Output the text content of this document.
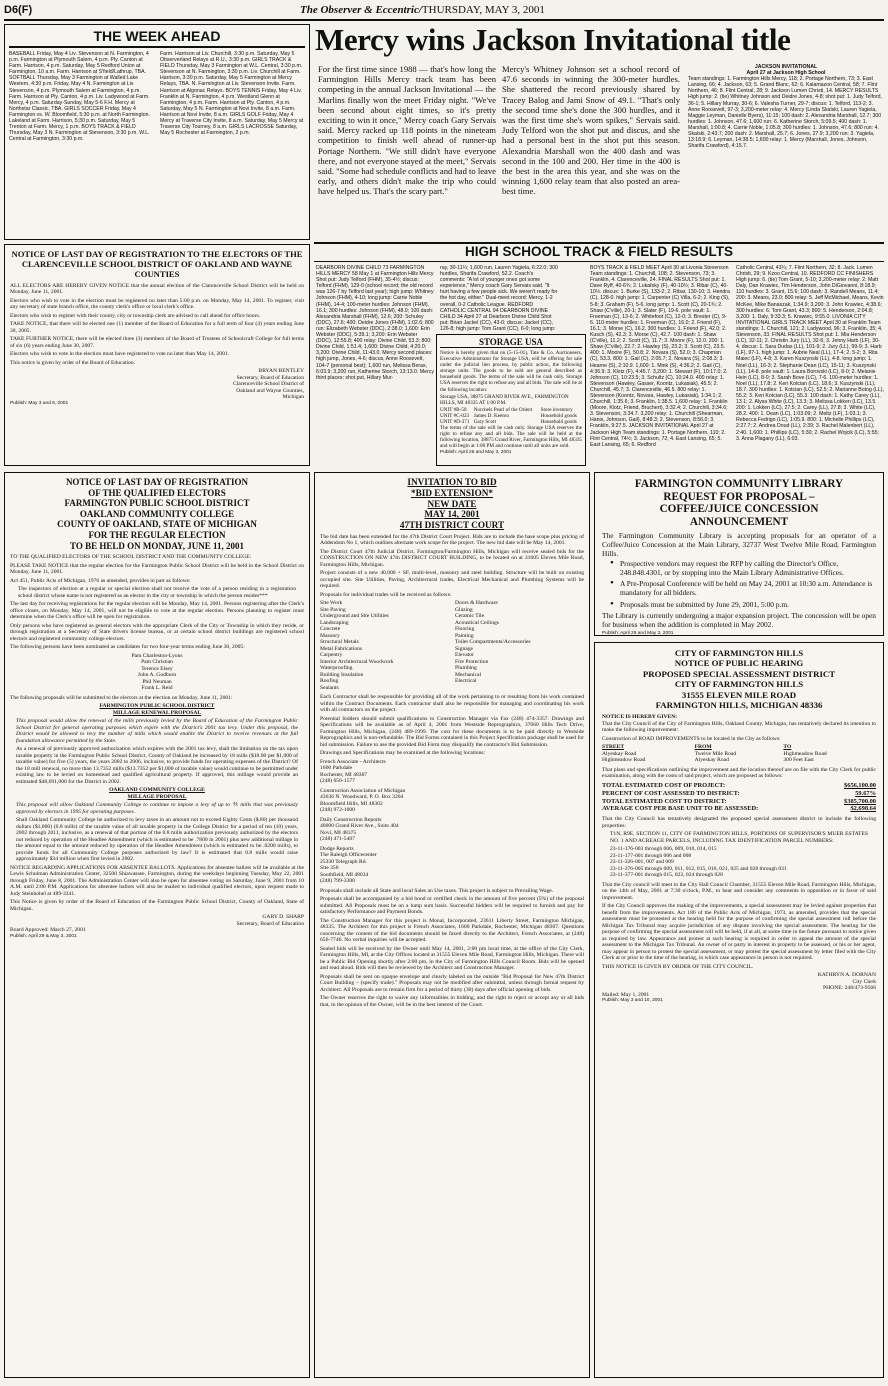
D6(F)	The Observer & Eccentric/THURSDAY, MAY 3, 2001
THE WEEK AHEAD
BASEBALL Friday, May 4 Liv. Stevenson at N. Farmington, 4 p.m. Farmington at Plymouth Salem, 4 p.m. Ply. Canton at Farm. Harrison, 4 p.m. Saturday, May 5 Redford Union at Farmington, 10 a.m. Farm. Harrison at S'field/Lathrup, TBA. SOFTBALL Thursday, May 3 Farmington at Walled Lake Western, 4:30 p.m. Friday, May 4 N. Farmington at Liv. Stevenson, 4 p.m. Plymouth Salem at Farmington, 4 p.m. Farm. Harrison at Ply. Canton, 4 p.m. Liv. Ladywood at Farm. Mercy, 4 p.m. Saturday-Sunday, May 5-6 F.H. Mercy at Northstar Classic, TBA. GIRLS SOCCER Friday, May 4 Farmington vs. W. Bloomfield, 5:30 p.m. at North Farmington. Lakeland at Farm. Harrison, 5:30 p.m. Saturday, May 5 Trenton at Farm. Mercy, 1 p.m. BOYS TRACK & FIELD Thursday, May 3 N. Farmington at Stevenson, 3:30 p.m. W.L. Central at Farmington, 3:30 p.m.
Farm. Harrison at Liv. Churchill, 3:30 p.m. Saturday, May 5 Observerland Relays at R.U., 3:30 p.m. GIRLS TRACK & FIELD Thursday, May 3 Farmington at W.L. Central, 3:30 p.m. Stevenson at N. Farmington, 3:30 p.m. Liv. Churchill at Farm. Harrison, 3:30 p.m. Saturday, May 5 Farmington at Mercy Relays, TBA. N. Farmington at Liv. Stevenson Invite. Farm. Harrison at Algonac Relays. BOYS TENNIS Friday, May 4 Liv. Franklin at N. Farmington, 4 p.m. Westland Glenn at Farmington, 4 p.m. Farm. Harrison at Ply. Canton, 4 p.m. Saturday, May 5 N. Farmington at Novi Invite, 8 a.m. Farm. Harrison at Novi Invite, 8 a.m. GIRLS GOLF Friday, May 4 Mercy at Traverse City Invite, 8 a.m. Saturday, May 5 Mercy at Traverse City Tourney, 8 a.m. GIRLS LACROSSE Saturday, May 5 Rochester at Farmington, 2 p.m.
Mercy wins Jackson Invitational title
For the first time since 1988 — that's how long the Farmington Hills Mercy track team has been competing in the annual Jackson Invitational — the Marlins finally won the meet Friday night. "We've been second about eight times, so it's pretty exciting to win it once," Mercy coach Gary Servais said. Mercy racked up 118 points in the nineteam competition to finish well ahead of runner-up Portage Northern. "We still didn't have everyone there, and not everyone stayed at the meet," Servais said. "Some had schedule conflicts and had to leave early, and others didn't make the trip who could have helped us. That's the scary part."
Mercy's Whitney Johnson set a school record of 47.6 seconds in winning the 300-meter hurdles. She shattered the record previously shared by Tracey Balog and Jami Snow of 49.1. "That's only the second time she's done the 300 hurdles, and it was the first time she's worn spikes," Servais said. Judy Telford won the shot put and discus, and she had a personal best in the shot put this season. Alexandria Marshall won the 400 dash and was second in the 100 and 200. Her time in the 400 is the best in the area this year, and she was on the winning 1,600 relay team that also posted an area-best time.
JACKSON INVITATIONAL
April 27 at Jackson High School
Team standings: 1. Farmington Hills Mercy, 118; 2. Portage Northern, 73; 3. East Lansing, 66; 4. Jackson, 63; 5. Grand Blanc, 62; 6. Kalamazoo Central, 58; 7. Flint Northern, 46; 8. Flint Central, 28; 9. Jackson Lumen Christi, 14. MERCY RESULTS High jump: 2. (tie) Whitney Johnson and Deidre Jones, 4-8; shot put: 1. Judy Telford, 36-1; 5. Hillary Murray, 30-6; 6. Valesha Turner, 29-7; discus: 1. Telford, 113-2; 3. Anne Roosevelt, 97-3; 3,200-meter relay: 4. Mercy (Linda Skalski, Lauren Yagiela, Maggie Leyman, Danielle Byers), 11:15; 100 dash: 2. Alexandria Marshall, 12.7; 300 hurdles: 1. Johnson, 47.6; 1,600 run: 6. Katherine Storch, 5:09.5; 400 dash: 1. Marshall, 1:00.8; 4. Carrie Noble, 1:05.8; 300 hurdles: 1. Johnson, 47.6; 800 run: 4. Skalski, 2:43.7; 200 dash: 2. Marshall, 25.7; 6. Jones, 27.9; 3,200 run: 3. Yagiela, 13:18.9; 6. Leyman, 14:38.5; 1,600 relay: 1. Mercy (Marshall, Jones, Johnson, Sharifa Crawford), 4:15.7.
HIGH SCHOOL TRACK & FIELD RESULTS
DEARBORN DIVINE CHILD 73 FARMINGTON HILLS MERCY 58 May 1 at Farmington Hills Mercy Shot put: Judy Telford (FHM), 35-4½; discus: Telford (FHM), 129-0 (school record; the old record was 126-7 by Telford last year); high jump: Whitney Johnson (FHM), 4-10; long jump: Carrie Noble (FHM), 14-4; 100-meter hurdles: Johnson (FHM), 16.1; 300 hurdles: Johnson (FHM), 48.0; 100 dash: Alexandria Marshall (FHM), 12.6; 200: Schuley (DDC), 27.6; 400: Deidre Jones (FHM), 1:02.6; 800 run: Elizabeth Webster (DDC), 2:38.0; 1,600: Erin Webster (DDC), 5:39.1; 3,200: Erin Webster (DDC), 12:55.8; 400 relay: Divine Child, 53.3; 800: Divine Child, 1:51.4; 1,600: Divine Child, 4:20.0; 3,200: Divine Child, 11:43.0. Mercy second places: high jump, Jones, 4-6; discus, Anne Roosevelt, 104-7 (personal best); 1,600 run, Melissa Beras, 6:03.9; 3,200 run, Katherine Storch, 13:13.0. Mercy third places: shot put, Hillary Mur-
ray, 30-11¼; 1,600 run, Lauren Yagiela, 6:22.0; 300 hurdles, Sharifa Crawford, 52.2. Coach's comments: "A lot of younger ones got some experience," Mercy coach Gary Servais said. "It hurt having a few people sick. We weren't ready for the hot day, either." Dual-meet record: Mercy, 1-2 overall, 0-2 Catholic League. REDFORD CATHOLIC CENTRAL 94 DEARBORN DIVINE CHILD 34 April 27 at Dearborn Divine Child Shot put: Brian Jackel (CC), 43-0; discus: Jackel (CC), 126-8; high jump: Tom Grant (CC), 6-0; long jump:
BOYS TRACK & FIELD MEET April 30 at Livonia Stevenson Team standings: 1. Churchill, 108; 2. Stevenson, 73; 3. Franklin, 4. Clarenceville, 24. FINAL RESULTS Shot put: 1. Dave Ryff, 40-6¾; 2. Lukafsky (F), 40-10½; 3. Ribar (C), 40-10½. discus: 1. Burke (S), 133-2; 2. Ribar, 130-10; 3. Hendra (C), 128-0. high jump: 1. Carpenter (C) Villa, 6-2; 2. King (S), 5-8; 3. Graham (F), 5-6. long jump: 1. Scott (C), 20-1¾; 2. Shaw (C'ville), 20-1; 3. Slater (F), 19-6. pole vault: 1. Freeman (C), 13-6; 2. Whitefoot (C), 12-0; 3. Brester (C), 9-6. 110-meter hurdles: 1. Freeman (C), 16.0; 2. Friend (F), 16.1; 3. Morse (C), 16.2. 300 hurdles: 1. Friend (F), 42.0; 2. Kusch (S), 42.3; 3. Morse (C), 42.7. 100 dash: 1. Shaw (C'ville), 11.2; 2. Scott (C), 11.7; 3. Moore (F), 12.0. 200: 1. Shaw (C'ville), 22.7; 2. Hawley (S), 23.2; 3. Scott (C), 23.5. 400: 1. Moore (F), 50.8; 2. Novara (S), 52.0; 3. Chapman (C), 53.3. 800: 1. Gail (C), 2:05.7; 2. Novara (S), 2:08.3; 3. Hearne (S), 2:10.9. 1,600: 1. Mink (S), 4:36.2; 2. Gail (C), 4:36.9; 3. Klotz (F), 4:45.7. 3,200: 1. Stewart (F), 10:17.0; 2. Johnson (C), 10:23.5; 3. Schultz (C), 10:24.0. 400 relay: 1. Stevenson (Hawley, Gasser, Koontz, Lukasiak), 45.5; 2. Churchill, 45.7; 3. Clarenceville, 46.5. 800 relay: 1. Stevenson (Koontz, Novara, Hawley, Lukasiak), 1:34.1; 2. Churchill, 1:35.6; 3. Franklin, 1:38.5. 1,600 relay: 1. Franklin (Moore, Klotz, Friend, Bruchert), 3:32.4; 2. Churchill, 3:34.6; 3. Stevenson, 3:34.7. 3,200 relay: 1. Churchill (Shearman, Hanis, Johnson, Gail), 8:48.3; 2. Stevenson, 8:56.0; 3. Franklin, 9:27.5. JACKSON INVITATIONAL April 27 at Jackson High Team standings: 1. Portage Northern, 110; 2. Flint Central, 74½; 3. Jackson, 72; 4. East Lansing, 65; 5. East Lansing, 65; 6. Redford
Catholic Central, 43¼; 7. Flint Northern, 32; 8. Jack. Lumen Christi, 29; 9. Kzoo Central, 10. REDFORD CC FINISHERS High jump: 6. (tie) Tom Grant, 5-10; 3,200-meter relay: 2. Matt Daly, Dan Krawiec, Tim Henderson, John DiGiovanni, 8:18.9; 110 hurdles: 3. Grant, 15.6; 100 dash: 3. Randell Means, 11.4; 200: 3. Means, 23.0; 800 relay: 5. Jeff McMichael, Means, Kevin McKee, Mike Banaszak, 1:34.9; 3,200: 3. John Krawiec, 4:38.6; 300 hurdles: 6. Tom Grant, 43.3; 800: 5. Henderson, 2:04.8; 3,200: 1. Daly, 9:33.3; 5. Krawiec, 9:55.0. LIVONIA CITY INVITATIONAL GIRLS TRACK MEET April 30 at Franklin Team standings: 1. Churchill, 121; 2. Ladywood, 96; 3. Franklin, 35; 4. Stevenson, 33. FINAL RESULTS Shot put: 1. Mia Henderson (LC), 32-11; 2. Christin Jury (LL), 32-6; 3. Jenny Harb (LF), 30-4. discus: 1. Sara Dudas (LL), 101-9; 2. Jury (LL), 99-9; 3. Harb (LF), 97-1. high jump: 1. Aubrie Neal (LL), 17-4; 2. 5-2; 3. Rita Maiec (LF), 4-8; 3. Karen Kuszynski (LL), 4-8. long jump: 1. Noel (LL), 16-3; 2. Stephanie Dean (LC), 15-11; 3. Kuszynski (LL), 14-8. pole vault: 1. Laura Borovski (LC), 8-0; 2. Melanie Hein (LC), 8-0; 3. Sarah Bove (LC), 7-6. 100-meter hurdles: 1. Noel (LL), 17.8; 2. Keri Kotcian (LC), 18.6; 3. Kuszynski (LL), 18.7. 300 hurdles: 1. Kotcian (LC), 52.5; 2. Marianne Botog (LL), 55.2; 3. Keri Kotcian (LC), 55.3. 100 dash: 1. Kathy Carey (LL), 13.1; 2. Alysa White (LC), 13.3; 3. Melissa Lokken (LC), 13.5. 200: 1. Lokken (LC), 27.5; 2. Carey (LL), 27.8; 3. White (LC), 28.2. 400: 1. Dean (LC), 1:03.09; 2. Meltz (LF), 1:03.1; 3. Rebecca Fedrigo (LC), 1:05.9. 800: 1. Michelle Phillips (LC), 2:27.7; 2. Andrea Doud (LL), 2:39; 3. Rachel Malenbert (LL), 2:40. 1,600: 1. Phillips (LC), 5:30; 2. Rachel Wojcik (LC), 5:55; 3. Anna Plagany (LL), 6:03.
STORAGE USA
Notice is hereby given that on (5-15-01), Tate & Co. Auctioneers, Executive Administrator for Storage USA, will be offering for sale under the judicial lien process, by public action, the following storage units. The goods to be sold are general described as household goods. The terms of the sale will be cash only. Storage USA reserves the right to refuse any and all bids. The sale will be at the following location:
Storage USA, 38875 GRAND RIVER AVE., FARMINGTON HILLS, MI 48335 AT 1:00 P.M.
UNIT #B-58	Norchels Pearl of the Orient	Store inventory
UNIT #C-023	James D. Keeton	Household goods
UNIT #D-371	Gary Scott	Household goods
The terms of the sale will be cash only. Storage USA reserves the right to refuse any and all bids. The sale will be held at the following location, 38875 Grand River, Farmington Hills, MI 48335 and will begin at 1:00 PM and continue until all units are sold.
Publish: April 26 and May 3, 2001
NOTICE OF LAST DAY OF REGISTRATION TO THE ELECTORS OF THE CLARENCEVILLE SCHOOL DISTRICT OF OAKLAND AND WAYNE COUNTIES

ALL ELECTORS ARE HEREBY GIVEN NOTICE that the annual election of the Clarenceville School District will be held on Monday, June 11, 2001.

Electors who wish to vote in the election must be registered no later than 5:00 p.m. on Monday, May 14, 2001. To register, visit any secretary of state branch office, the county clerk's office or local clerk's office.

Electors who wish to register with their county, city or township clerk are advised to call ahead for office hours.

TAKE NOTICE, that there will be elected one (1) member of the Board of Education for a full term of four (4) years ending June 30, 2005.

TAKE FURTHER NOTICE, there will be elected three (3) members of the Board of Trustees of Schoolcraft College for full terms of six (6) years ending June 30, 2007.

Electors who wish to vote in the election must have registered to vote no later than May 14, 2001.

This notice is given by order of the Board of Education.

BRYAN BENTLEY
Secretary, Board of Education
Clarenceville School District of
Oakland and Wayne Counties,
Michigan
Publish: May 3 and 6, 2001
NOTICE OF LAST DAY OF REGISTRATION
OF THE QUALIFIED ELECTORS
FARMINGTON PUBLIC SCHOOL DISTRICT
OAKLAND COMMUNITY COLLEGE
COUNTY OF OAKLAND, STATE OF MICHIGAN
FOR THE REGULAR ELECTION
TO BE HELD ON MONDAY, JUNE 11, 2001

TO THE QUALIFIED ELECTORS OF THE SCHOOL DISTRICT AND THE COMMUNITY COLLEGE:

PLEASE TAKE NOTICE that the regular election for the Farmington Public School District will be held in the School District on Monday, June 11, 2001.

Act 451, Public Acts of Michigan, 1976 as amended, provides in part as follows:

The inspectors of election at a regular or special election shall not receive the vote of a person residing in a registration school district whose name is not registered as an elector in the city or township in which the person resides***

The last day for receiving registrations for the regular election will be Monday, May 14, 2001. Persons registering after the Clerk's office closes, on Monday, May 14, 2001, will not be eligible to vote at the regular election. Persons planning to register must determine when the Clerk's office will be open for registration.

Only persons who have registered as general electors with the appropriate Clerk of the City or Township in which they reside, or through registration at a Secretary of State drivers license bureau, or at certain school district buildings are registered school electors and registered community college electors.

The following persons have been nominated as candidates for two four-year terms ending June 30, 2005:

Pam Charleston-Lyons
Pam Christian
Terence Elsey
John A. Godburn
Phil Neuman
Frank L. Reid

The following proposals will be submitted to the electors at the election on Monday, June 11, 2001:

FARMINGTON PUBLIC SCHOOL DISTRICT
MILLAGE RENEWAL PROPOSAL

This proposal would allow the renewal of the mills previously levied by the Board of Education of the Farmington Public School District for general operating purposes which expire with the District's 2001 tax levy. Under this proposal, the District would be allowed to levy the number of mills which would enable the District to receive revenues at the full foundation allowance permitted by the State.

As a renewal of previously approved authorization which expires with the 2001 tax levy, shall the limitation on the tax upon taxable property in the Farmington Public School District, County of Oakland be increased by 18 mills ($18.00 per $1,000 of taxable value) for five (5) years, the years 2002 to 2006, inclusive, to provide funds for operating expenses of the District? Of the 18 mill renewal, no more than 13.7352 mills ($13.7352 per $1,000 of taxable value) would continue to be permitted under existing law to be levied on homestead and qualified agricultural property. If approved, this millage would provide an estimated $48,691,000 for the District in 2002.

OAKLAND COMMUNITY COLLEGE
MILLAGE PROPOSAL

This proposal will allow Oakland Community College to continue to impose a levy of up to ⅘ mills that was previously approved by electors in 1995 for operating purposes.

Shall Oakland Community College be authorized to levy taxes in an amount not to exceed Eighty Cents ($.80) per thousand dollars ($1,000) (0.8 mills) of the taxable value of all taxable property in the College District for a period of ten (10) years, 2002 through 2011, inclusive, as a renewal of that portion of the 0.8 mills authorization previously authorized by the electors not reduced by operation of the Headlee Amendment (which is estimated to be .7800 in 2001) plus new additional millage in the amount equal to the amount reduced by operation of the Headlee Amendment (which is estimated to be .0200 mills), to provide funds for all Community College purposes authorized by law? It is estimated that 0.8 mills would raise approximately $34 million when first levied in 2002.

NOTICE REGARDING APPLICATIONS FOR ABSENTEE BALLOTS. Applications for absentee ballots will be available at the Lewis Schulman Administration Center, 32500 Shiawassee, Farmington, during the weekdays beginning Tuesday, May 22, 2001 through Friday, June 8, 2001. The Administration Center will also be open for absentee voting on Saturday, June 9, 2001 from 10 A.M. until 2:00 P.M. Applications for absentee ballots will also be mailed to individual qualified electors, upon request made to Judy Steinbohel at 489-3341.

This Notice is given by order of the Board of Education of the Farmington Public School District, County of Oakland, State of Michigan.

GARY D. SHARP
Secretary, Board of Education
Board Approved: March 27, 2001
Publish: April 29 & May 3, 2001
INVITATION TO BID
*BID EXTENSION*
NEW DATE
MAY 14, 2001
47TH DISTRICT COURT

The bid date has been extended for the 47th District Court Project. Bids are to include the base scope plus pricing of Addendum No 1, which outlines alternate work scope for the project. The new bid date will be May 14, 2001.

The District Court 47th Judicial District, Farmington/Farmington Hills, Michigan will receive sealed bids for the CONSTRUCTION ON NEW 47th DISTRICT COURT BUILDING, to be located on at 31605 Eleven Mile Road, Farmington Hills, Michigan.

Project consists of a new 40,000 + SF, multi-level, masonry and steel building. Structure will be built on existing occupied site. Site Utilities, Paving, Architectural trades, Electrical Mechanical and Plumbing Systems will be required.

Proposals for individual trades will be received as follows:

Site Work
Site Paving
Underground and Site Utilities
Landscaping
Concrete
Masonry
Structural Metals
Metal Fabrications
Carpentry
Interior Architectural Woodwork
Waterproofing
Building Insulation
Roofing
Sealants
Doors & Hardware
Glazing
Ceramic Tile
Acoustical Ceilings
Flooring
Painting
Toilet Compartments/Accessories
Signage
Elevator
Fire Protection
Plumbing
Mechanical
Electrical

Each Contractor shall be responsible for providing all of the work pertaining to or resulting from his work contained within the Contract Documents. Each contractor shall also be responsible for managing and coordinating his work with all contractors on the project.

Potential bidders should submit qualifications to Construction Manager via Fax (248) 474-3357. Drawings and Specifications will be available as of April 4, 2001 from Westside Reprographics, 37660 Hills Tech Drive, Farmington Hills, Michigan, (248) 489-1999. The cost for these documents is to be paid directly to Westside Reprographics and is non-refundable. The Bid Forms contained in this Project Specification package shall be used for bid submission. Failure to use the provided Bid Form may disqualify the contractor's Bid Submission.

Drawings and Specifications may be examined at the following locations:

French Associate - Architects
1600 Parkdale
Rochester, MI 48307
(248) 656-1577
Construction Association of Michigan
43636 N. Woodward, P. O. Box 3204
Bloomfield Hills, MI 48302
(248) 972-1000
Daily Construction Reports
40000 Grand River Ave., Suite 404
Novi, MI 48375
(248) 471-5407
Dodge Reports
The Raleigh Officecenter
25330 Telegraph Rd.
Site 350
Southfield, MI 48034
(248) 799-3300

Proposals shall include all State and local Sales an Use taxes. This project is subject to Prevailing Wage.

Proposals shall be accompanied by a bid bond or certified check in the amount of five percent (5%) of the proposal submitted. All Proposals must be on a lump sum basis. Successful bidders will be required to furnish and pay for satisfactory Performance and Payment Bonds.

The Construction Manager for this project is Monal, Incorporated, 23611 Liberty Street, Farmington Michigan, 48335. The Architect for this project is French Associates, 1600 Parkdale, Rochester, Michigan 48307. Questions concerning the content of the bid documents should be faxed directly to the Architect, French Associates, at (248) 656-7746. No verbal inquiries will be accepted.

Sealed bids will be received by the Owner until May 14, 2001, 2:00 pm local time, at the office of the City Clerk, Farmington Hills, MI, at the City Offices located at 31555 Eleven Mile Road, Farmington Hills, Michigan. There will be a Public Bid Opening shortly after 2:00 pm, in the City of Farmington Hills Council Room. Bids will be opened and read aloud. Bids will then be reviewed by the Architect and Construction Manager.

Proposals shall be sent on opaque envelope and clearly labeled on the outside "Bid Proposal for New 47th District Court Building – (specify trade)." Proposals may not be modified after submittal, unless through formal request by Architect. All Proposals are to remain firm for a period of thirty (30) days after official opening of bids.

The Owner reserves the right to waive any informalities in bidding, and the right to reject or accept any or all bids that, in the opinion of the Owner, will be in the best interest of the Court.

FARMINGTON COMMUNITY LIBRARY
REQUEST FOR PROPOSAL –
COFFEE/JUICE CONCESSION
ANNOUNCEMENT

The Farmington Community Library is accepting proposals for an operator of a Coffee/Juice Concession at the Main Library, 32737 West Twelve Mile Road, Farmington Hills.

• Prospective vendors may request the RFP by calling the Director's Office, 248.848.4301, or by stopping into the Main Library Administrative Offices.
• A Pre-Proposal Conference will be held on May 24, 2001 at 10:30 a.m. Attendance is mandatory for all bidders.
• Proposals must be submitted by June 29, 2001, 5:00 p.m.

The Library is currently undergoing a major expansion project. The concession will be open for business when the addition is completed in May 2002.

Publish: April 29 and May 3, 2001
CITY OF FARMINGTON HILLS
NOTICE OF PUBLIC HEARING
PROPOSED SPECIAL ASSESSMENT DISTRICT
CITY OF FARMINGTON HILLS
31555 ELEVEN MILE ROAD
FARMINGTON HILLS, MICHIGAN 48336
NOTICE IS HEREBY GIVEN:

That the City Council of the City of Farmington Hills, Oakland County, Michigan, has tentatively declared its intention to make the following improvement:

Construction of ROAD IMPROVEMENTS to be located in the City as follows:

STREET	FROM	TO
Alyeskay Road	Twelve Mile Road	Highmeadow Road
Highmeadow Road	Alyeskay Road	300 Feet East

That plans and specifications outlining the improvement and the location thereof are on file with the City Clerk for public examination, along with the costs of said project, which are proposed as follows:

TOTAL ESTIMATED COST OF PROJECT:	$656,100.00
PERCENT OF COST ASSESSED TO DISTRICT:	59.67%
TOTAL ESTIMATED COST TO DISTRICT:	$385,700.00
AVERAGE COST PER BASE UNIT TO BE ASSESSED:	$2,698.64

That the City Council has tentatively designated the proposed special assessment district to include the following properties:

T1N, R9E, SECTION 11, CITY OF FARMINGTON HILLS, PORTIONS OF SUPERVISOR'S MUER ESTATES NO. 1 AND ACREAGE PARCELS, INCLUDING TAX IDENTIFICATION PARCEL NUMBERS:

23-11-176-003 through 006, 009, 010, 014, 015
23-11-177-001 through 006 and 008
23-11-326-001, 007 and 009
23-11-376-005 through 009, 011, 012, 015, 016, 021, 025 and 028 through 031
23-11-377-001 through 015, 022, 024 through 028

That the City council will meet in the City Hall Council Chamber, 31555 Eleven Mile Road, Farmington Hills, Michigan, on the 14th of May, 2001 at 7:30 o'clock, P.M., to hear and consider any comments in opposition or in favor of said improvement.

If the City Council approves the making of the improvements, a special assessment may be levied against properties that benefit from the improvements. Act 186 of the Public Acts of Michigan, 1973, as amended, provides that the special assessment must be protested at the hearing held for the purpose of confirming the special assessment roll before the Michigan Tax Tribunal may acquire jurisdiction of any dispute involving the special assessment. The hearing for the purpose of confirming the special assessment roll will be held, if at all, at some time in the future pursuant to notice given as required by law. Appearance and protest at such hearing is required in order to appeal the amount of the special assessment to the Michigan Tax Tribunal. An owner of or party in interest in property to be assessed, or his or her agent, may appear in person to protest the special assessment, or may protest the special assessment by letter filed with the City Clerk at or prior to the time of the hearing, in which case appearance in person is not required.

THIS NOTICE IS GIVEN BY ORDER OF THE CITY COUNCIL.

KATHRYN A. DORNAN
City Clerk
PHONE: 248/473-9566
Mailed: May 1, 2001
Publish: May 3 and 10, 2001
